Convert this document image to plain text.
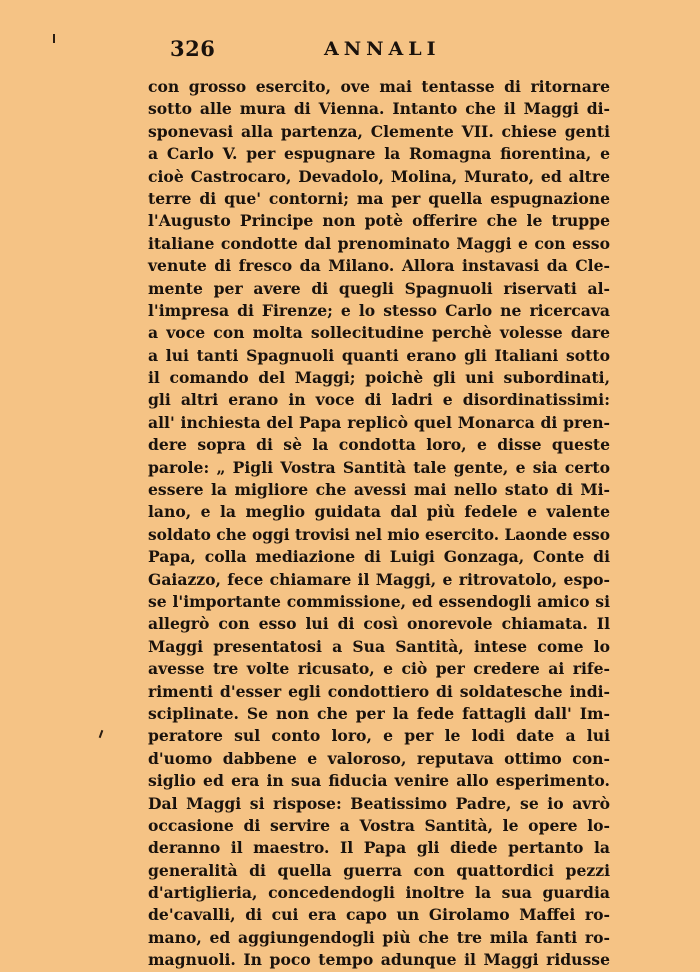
326	ANNALI
con grosso esercito, ove mai tentasse di ritornare
sotto alle mura di Vienna. Intanto che il Maggi di-
sponevasi alla partenza, Clemente VII. chiese genti
a Carlo V. per espugnare la Romagna fiorentina, e
cioè Castrocaro, Devadolo, Molina, Murato, ed altre
terre di que' contorni; ma per quella espugnazione
l'Augusto Principe non potè offerire che le truppe
italiane condotte dal prenominato Maggi e con esso
venute di fresco da Milano. Allora instavasi da Cle-
mente per avere di quegli Spagnuoli riservati al-
l'impresa di Firenze; e lo stesso Carlo ne ricercava
a voce con molta sollecitudine perchè volesse dare
a lui tanti Spagnuoli quanti erano gli Italiani sotto
il comando del Maggi; poichè gli uni subordinati,
gli altri erano in voce di ladri e disordinatissimi:
all' inchiesta del Papa replicò quel Monarca di pren-
dere sopra di sè la condotta loro, e disse queste
parole: „ Pigli Vostra Santità tale gente, e sia certo
essere la migliore che avessi mai nello stato di Mi-
lano, e la meglio guidata dal più fedele e valente
soldato che oggi trovisi nel mio esercito. Laonde esso
Papa, colla mediazione di Luigi Gonzaga, Conte di
Gaiazzo, fece chiamare il Maggi, e ritrovatolo, espo-
se l'importante commissione, ed essendogli amico si
allegrò con esso lui di così onorevole chiamata. Il
Maggi presentatosi a Sua Santità, intese come lo
avesse tre volte ricusato, e ciò per credere ai rife-
rimenti d'esser egli condottiero di soldatesche indi-
sciplinate. Se non che per la fede fattagli dall' Im-
peratore sul conto loro, e per le lodi date a lui
d'uomo dabbene e valoroso, reputava ottimo con-
siglio ed era in sua fiducia venire allo esperimento.
Dal Maggi si rispose: Beatissimo Padre, se io avrò
occasione di servire a Vostra Santità, le opere lo-
deranno il maestro. Il Papa gli diede pertanto la
generalità di quella guerra con quattordici pezzi
d'artiglieria, concedendogli inoltre la sua guardia
de'cavalli, di cui era capo un Girolamo Maffei ro-
mano, ed aggiungendogli più che tre mila fanti ro-
magnuoli. In poco tempo adunque il Maggi ridusse
